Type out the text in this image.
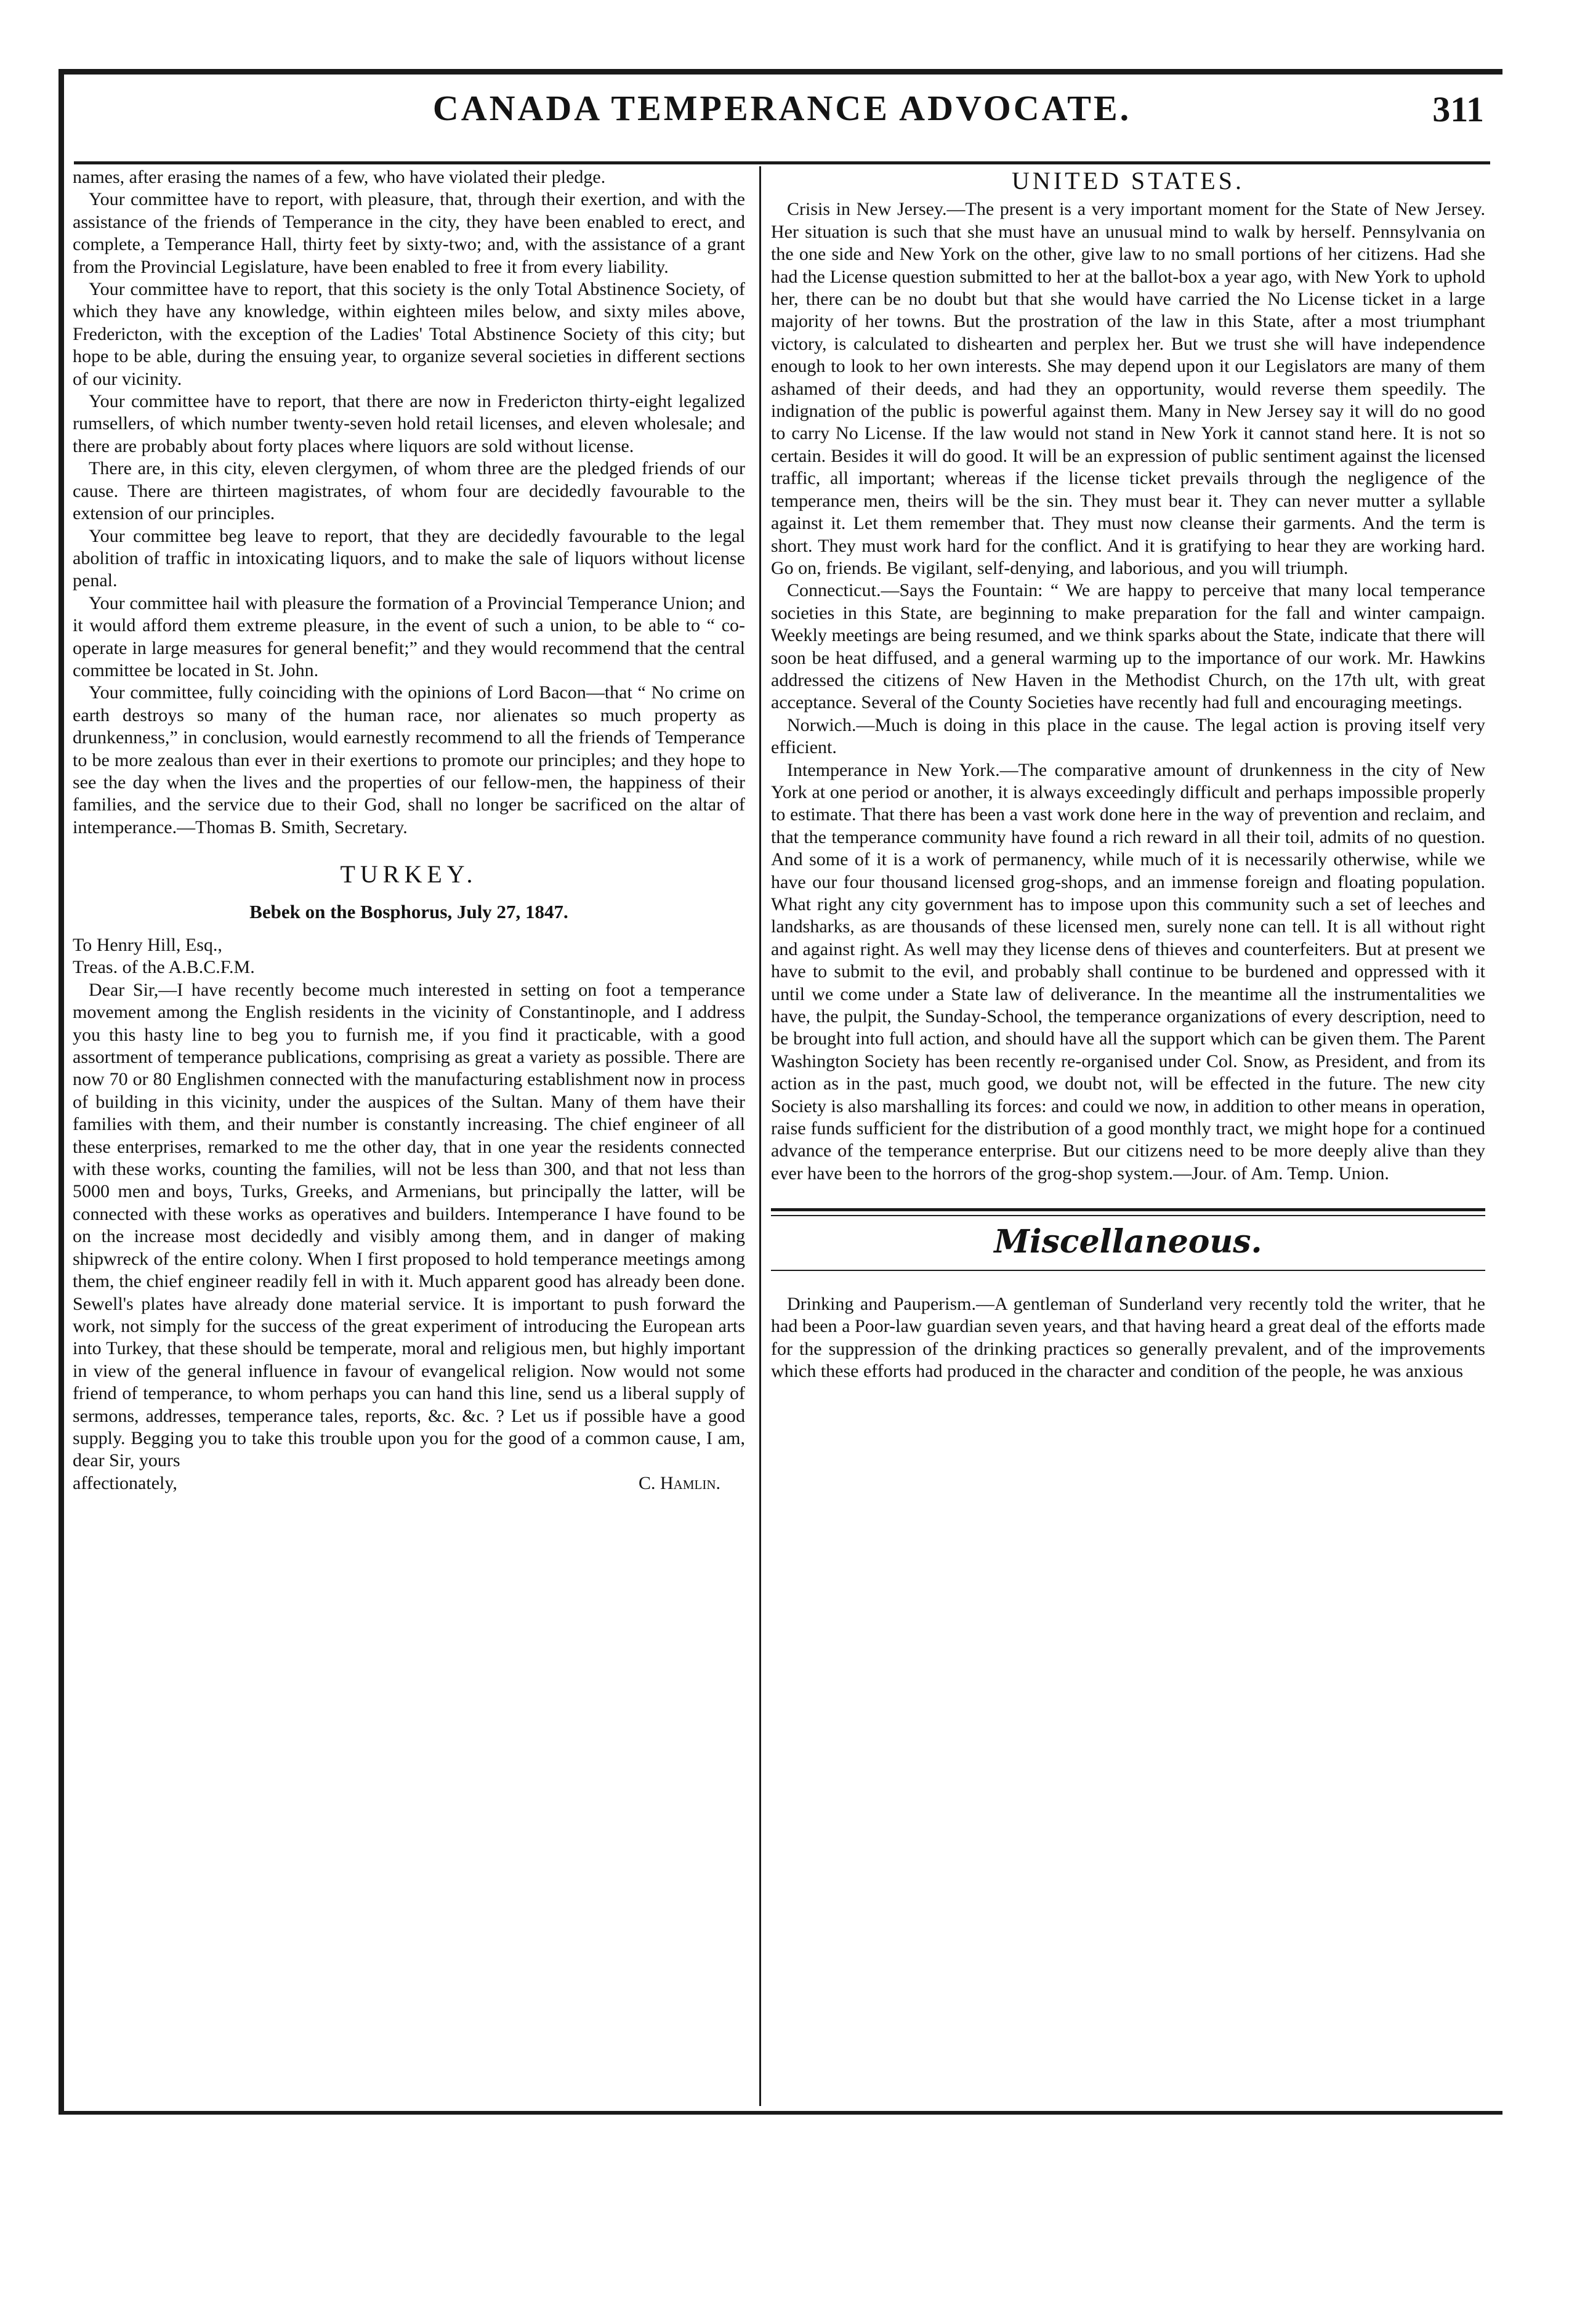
CANADA TEMPERANCE ADVOCATE.	311

names, after erasing the names of a few, who have violated their pledge.

Your committee have to report, with pleasure, that, through their exertion, and with the assistance of the friends of Temperance in the city, they have been enabled to erect, and complete, a Temperance Hall, thirty feet by sixty-two; and, with the assistance of a grant from the Provincial Legislature, have been enabled to free it from every liability.

Your committee have to report, that this society is the only Total Abstinence Society, of which they have any knowledge, within eighteen miles below, and sixty miles above, Fredericton, with the exception of the Ladies' Total Abstinence Society of this city; but hope to be able, during the ensuing year, to organize several societies in different sections of our vicinity.

Your committee have to report, that there are now in Fredericton thirty-eight legalized rumsellers, of which number twenty-seven hold retail licenses, and eleven wholesale; and there are probably about forty places where liquors are sold without license.

There are, in this city, eleven clergymen, of whom three are the pledged friends of our cause. There are thirteen magistrates, of whom four are decidedly favourable to the extension of our principles.

Your committee beg leave to report, that they are decidedly favourable to the legal abolition of traffic in intoxicating liquors, and to make the sale of liquors without license penal.

Your committee hail with pleasure the formation of a Provincial Temperance Union; and it would afford them extreme pleasure, in the event of such a union, to be able to “ co-operate in large measures for general benefit;” and they would recommend that the central committee be located in St. John.

Your committee, fully coinciding with the opinions of Lord Bacon—that “ No crime on earth destroys so many of the human race, nor alienates so much property as drunkenness,” in conclusion, would earnestly recommend to all the friends of Temperance to be more zealous than ever in their exertions to promote our principles; and they hope to see the day when the lives and the properties of our fellow-men, the happiness of their families, and the service due to their God, shall no longer be sacrificed on the altar of intemperance.—Thomas B. Smith, Secretary.

TURKEY.
Bebek on the Bosphorus, July 27, 1847.

To Henry Hill, Esq.,

Treas. of the A.B.C.F.M.

Dear Sir,—I have recently become much interested in setting on foot a temperance movement among the English residents in the vicinity of Constantinople, and I address you this hasty line to beg you to furnish me, if you find it practicable, with a good assortment of temperance publications, comprising as great a variety as possible. There are now 70 or 80 Englishmen connected with the manufacturing establishment now in process of building in this vicinity, under the auspices of the Sultan. Many of them have their families with them, and their number is constantly increasing. The chief engineer of all these enterprises, remarked to me the other day, that in one year the residents connected with these works, counting the families, will not be less than 300, and that not less than 5000 men and boys, Turks, Greeks, and Armenians, but principally the latter, will be connected with these works as operatives and builders. Intemperance I have found to be on the increase most decidedly and visibly among them, and in danger of making shipwreck of the entire colony. When I first proposed to hold temperance meetings among them, the chief engineer readily fell in with it. Much apparent good has already been done. Sewell's plates have already done material service. It is important to push forward the work, not simply for the success of the great experiment of introducing the European arts into Turkey, that these should be temperate, moral and religious men, but highly important in view of the general influence in favour of evangelical religion. Now would not some friend of temperance, to whom perhaps you can hand this line, send us a liberal supply of sermons, addresses, temperance tales, reports, &c. &c. ? Let us if possible have a good supply. Begging you to take this trouble upon you for the good of a common cause, I am, dear Sir, yours

affectionately,	C. Hamlin.
UNITED STATES.

Crisis in New Jersey.—The present is a very important moment for the State of New Jersey. Her situation is such that she must have an unusual mind to walk by herself. Pennsylvania on the one side and New York on the other, give law to no small portions of her citizens. Had she had the License question submitted to her at the ballot-box a year ago, with New York to uphold her, there can be no doubt but that she would have carried the No License ticket in a large majority of her towns. But the prostration of the law in this State, after a most triumphant victory, is calculated to dishearten and perplex her. But we trust she will have independence enough to look to her own interests. She may depend upon it our Legislators are many of them ashamed of their deeds, and had they an opportunity, would reverse them speedily. The indignation of the public is powerful against them. Many in New Jersey say it will do no good to carry No License. If the law would not stand in New York it cannot stand here. It is not so certain. Besides it will do good. It will be an expression of public sentiment against the licensed traffic, all important; whereas if the license ticket prevails through the negligence of the temperance men, theirs will be the sin. They must bear it. They can never mutter a syllable against it. Let them remember that. They must now cleanse their garments. And the term is short. They must work hard for the conflict. And it is gratifying to hear they are working hard. Go on, friends. Be vigilant, self-denying, and laborious, and you will triumph.

Connecticut.—Says the Fountain: “ We are happy to perceive that many local temperance societies in this State, are beginning to make preparation for the fall and winter campaign. Weekly meetings are being resumed, and we think sparks about the State, indicate that there will soon be heat diffused, and a general warming up to the importance of our work. Mr. Hawkins addressed the citizens of New Haven in the Methodist Church, on the 17th ult, with great acceptance. Several of the County Societies have recently had full and encouraging meetings.

Norwich.—Much is doing in this place in the cause. The legal action is proving itself very efficient.

Intemperance in New York.—The comparative amount of drunkenness in the city of New York at one period or another, it is always exceedingly difficult and perhaps impossible properly to estimate. That there has been a vast work done here in the way of prevention and reclaim, and that the temperance community have found a rich reward in all their toil, admits of no question. And some of it is a work of permanency, while much of it is necessarily otherwise, while we have our four thousand licensed grog-shops, and an immense foreign and floating population. What right any city government has to impose upon this community such a set of leeches and landsharks, as are thousands of these licensed men, surely none can tell. It is all without right and against right. As well may they license dens of thieves and counterfeiters. But at present we have to submit to the evil, and probably shall continue to be burdened and oppressed with it until we come under a State law of deliverance. In the meantime all the instrumentalities we have, the pulpit, the Sunday-School, the temperance organizations of every description, need to be brought into full action, and should have all the support which can be given them. The Parent Washington Society has been recently re-organised under Col. Snow, as President, and from its action as in the past, much good, we doubt not, will be effected in the future. The new city Society is also marshalling its forces: and could we now, in addition to other means in operation, raise funds sufficient for the distribution of a good monthly tract, we might hope for a continued advance of the temperance enterprise. But our citizens need to be more deeply alive than they ever have been to the horrors of the grog-shop system.—Jour. of Am. Temp. Union.

Miscellaneous.

Drinking and Pauperism.—A gentleman of Sunderland very recently told the writer, that he had been a Poor-law guardian seven years, and that having heard a great deal of the efforts made for the suppression of the drinking practices so generally prevalent, and of the improvements which these efforts had produced in the character and condition of the people, he was anxious
